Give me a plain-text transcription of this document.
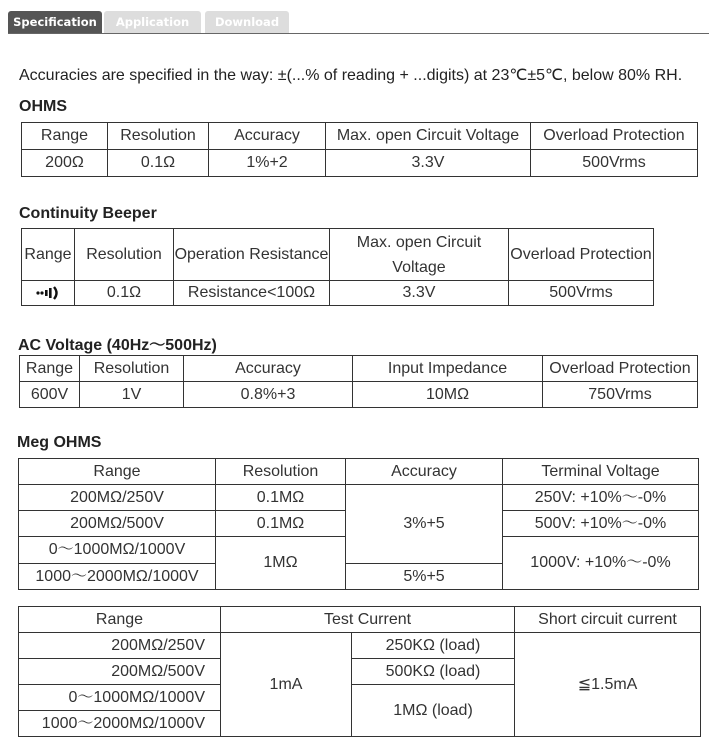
Specification	Application	Download
Accuracies are specified in the way: ±(...% of reading + ...digits) at 23℃±5℃, below 80% RH.
OHMS
Range	Resolution	Accuracy	Max. open Circuit Voltage	Overload Protection
200Ω	0.1Ω	1%+2	3.3V	500Vrms
Continuity Beeper
Range	Resolution	Operation Resistance	Max. open Circuit Voltage	Overload Protection
	0.1Ω	Resistance<100Ω	3.3V	500Vrms
AC Voltage (40Hz～500Hz)
Range	Resolution	Accuracy	Input Impedance	Overload Protection
600V	1V	0.8%+3	10MΩ	750Vrms
Meg OHMS
Range	Resolution	Accuracy	Terminal Voltage
200MΩ/250V	0.1MΩ	3%+5	250V: +10%～-0%
200MΩ/500V	0.1MΩ		500V: +10%～-0%
0～1000MΩ/1000V	1MΩ		1000V: +10%～-0%
1000～2000MΩ/1000V		5%+5	
Range	Test Current		Short circuit current
200MΩ/250V	1mA	250KΩ (load)	≦1.5mA
200MΩ/500V		500KΩ (load)	
0～1000MΩ/1000V		1MΩ (load)	
1000～2000MΩ/1000V			
